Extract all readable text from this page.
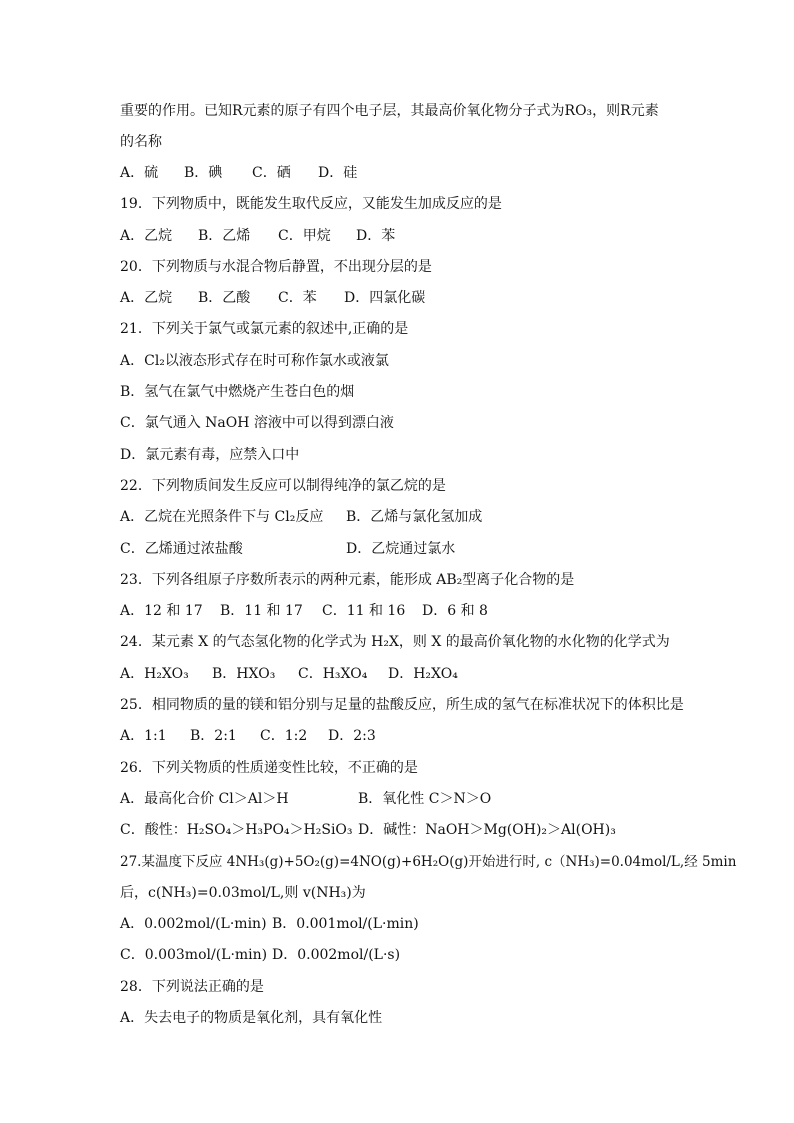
重要的作用。已知R元素的原子有四个电子层，其最高价氧化物分子式为RO₃，则R元素
的名称
A．硫	B．碘	C．硒	D．硅
19．下列物质中，既能发生取代反应，又能发生加成反应的是
A．乙烷	B．乙烯	C．甲烷	D．苯
20．下列物质与水混合物后静置，不出现分层的是
A．乙烷	B．乙酸	C．苯	D．四氯化碳
21．下列关于氯气或氯元素的叙述中,正确的是
A．Cl₂以液态形式存在时可称作氯水或液氯
B．氢气在氯气中燃烧产生苍白色的烟
C．氯气通入 NaOH 溶液中可以得到漂白液
D．氯元素有毒，应禁入口中
22．下列物质间发生反应可以制得纯净的氯乙烷的是
A．乙烷在光照条件下与 Cl₂反应	B．乙烯与氯化氢加成
C．乙烯通过浓盐酸	D．乙烷通过氯水
23．下列各组原子序数所表示的两种元素，能形成 AB₂型离子化合物的是
A．12 和 17	B．11 和 17	C．11 和 16	D．6 和 8
24．某元素 X 的气态氢化物的化学式为 H₂X，则 X 的最高价氧化物的水化物的化学式为
A．H₂XO₃	B．HXO₃	C．H₃XO₄	D．H₂XO₄
25．相同物质的量的镁和铝分别与足量的盐酸反应，所生成的氢气在标准状况下的体积比是
A．1:1	B．2:1	C．1:2	D．2:3
26．下列关物质的性质递变性比较，不正确的是
A．最高化合价 Cl＞Al＞H	B．氧化性 C＞N＞O
C．酸性：H₂SO₄＞H₃PO₄＞H₂SiO₃ D．碱性：NaOH＞Mg(OH)₂＞Al(OH)₃
27.某温度下反应 4NH₃(g)+5O₂(g)=4NO(g)+6H₂O(g)开始进行时, c（NH₃)=0.04mol/L,经 5min
后，c(NH₃)=0.03mol/L,则 v(NH₃)为
A．0.002mol/(L·min) B．0.001mol/(L·min)
C．0.003mol/(L·min) D．0.002mol/(L·s)
28．下列说法正确的是
A．失去电子的物质是氧化剂，具有氧化性
